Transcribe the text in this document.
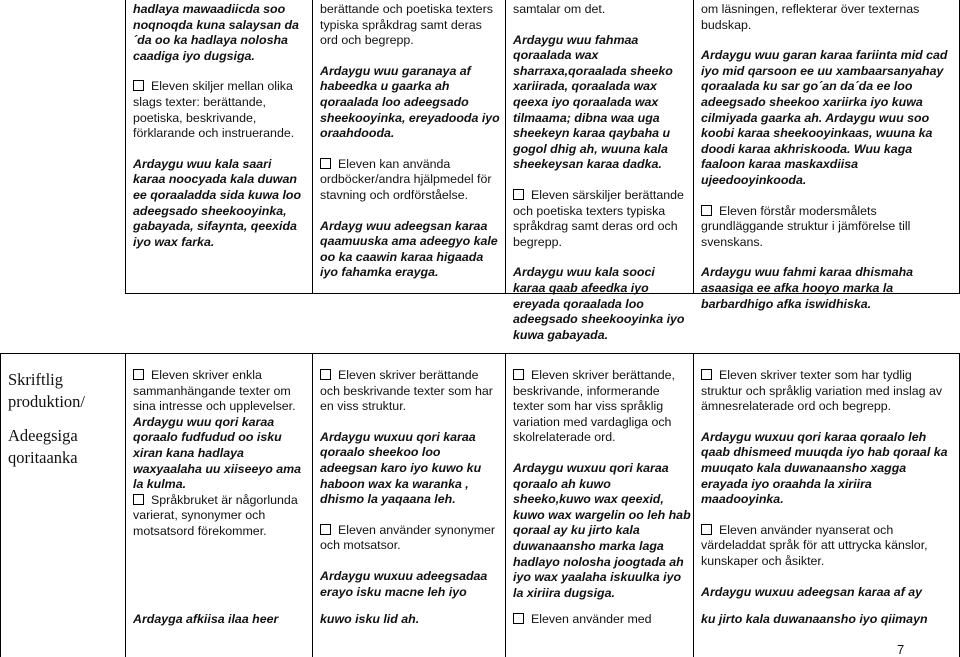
hadlaya mawaadiicda soo noqnoqda kuna salaysan da´da oo ka hadlaya nolosha caadiga iyo dugsiga.

Eleven skiljer mellan olika slags texter: berättande, poetiska, beskrivande, förklarande och instruerande.

Ardaygu wuu kala saari karaa noocyada kala duwan ee qoraaladda sida kuwa loo adeegsado sheekooyinka, gabayada, sifaynta, qeexida iyo wax farka.

berättande och poetiska texters typiska språkdrag samt deras ord och begrepp.

Ardaygu wuu garanaya af habeedka u gaarka ah qoraalada loo adeegsado sheekooyinka, ereyadooda iyo oraahdooda.

Eleven kan använda ordböcker/andra hjälpmedel för stavning och ordförståelse.

Ardayg wuu adeegsan karaa qaamuuska ama adeegyo kale oo ka caawin karaa higaada iyo fahamka erayga.

samtalar om det.

Ardaygu wuu fahmaa qoraalada wax sharraxa,qoraalada sheeko xariirada, qoraalada wax qeexa iyo qoraalada wax tilmaama; dibna waa uga sheekeyn karaa qaybaha u gogol dhig ah, wuuna kala sheekeysan karaa dadka.

Eleven särskiljer berättande och poetiska texters typiska språkdrag samt deras ord och begrepp.

Ardaygu wuu kala sooci karaa qaab afeedka iyo ereyada qoraalada loo adeegsado sheekooyinka iyo kuwa gabayada.

om läsningen, reflekterar över texternas budskap.

Ardaygu wuu garan karaa fariinta mid cad iyo mid qarsoon ee uu xambaarsanyahay qoraalada ku sar go´an da´da ee loo adeegsado sheekoo xariirka iyo kuwa cilmiyada gaarka ah. Ardaygu wuu soo koobi karaa sheekooyinkaas, wuuna ka doodi karaa akhriskooda. Wuu kaga faaloon karaa maskaxdiisa ujeedooyinkooda.

Eleven förstår modersmålets grundläggande struktur i jämförelse till svenskans.

Ardaygu wuu fahmi karaa dhismaha asaasiga ee afka hooyo marka la barbardhigo afka iswidhiska.

Skriftlig

produktion/

Adeegsiga

qoritaanka

Eleven skriver enkla sammanhängande texter om sina intresse och upplevelser.

Ardaygu wuu qori karaa qoraalo fudfudud oo isku xiran kana hadlaya waxyaalaha uu xiiseeyo ama la kulma.

Språkbruket är någorlunda varierat, synonymer och motsatsord förekommer.

Ardayga afkiisa ilaa heer

Eleven skriver berättande och beskrivande texter som har en viss struktur.

Ardaygu wuxuu qori karaa qoraalo sheekoo loo adeegsan karo iyo kuwo ku haboon wax ka waranka , dhismo la yaqaana leh.

Eleven använder synonymer och motsatsor.

Ardaygu wuxuu adeegsadaa erayo isku macne leh iyo

kuwo isku lid ah.

Eleven skriver berättande, beskrivande, informerande texter som har viss språklig variation med vardagliga och skolrelaterade ord.

Ardaygu wuxuu qori karaa qoraalo ah kuwo sheeko,kuwo wax qeexid, kuwo wax wargelin oo leh hab qoraal ay ku jirto kala duwanaansho marka laga hadlayo nolosha joogtada ah iyo wax yaalaha iskuulka iyo la xiriira dugsiga.

Eleven använder med

Eleven skriver texter som har tydlig struktur och språklig variation med inslag av ämnesrelaterade ord och begrepp.

Ardaygu wuxuu qori karaa qoraalo leh qaab dhismeed muuqda iyo hab qoraal ka muuqato kala duwanaansho xagga erayada iyo oraahda la xiriira maadooyinka.

Eleven använder nyanserat och värdeladdat språk för att uttrycka känslor, kunskaper och åsikter.

Ardaygu wuxuu adeegsan karaa af ay

ku jirto kala duwanaansho iyo qiimayn

7
